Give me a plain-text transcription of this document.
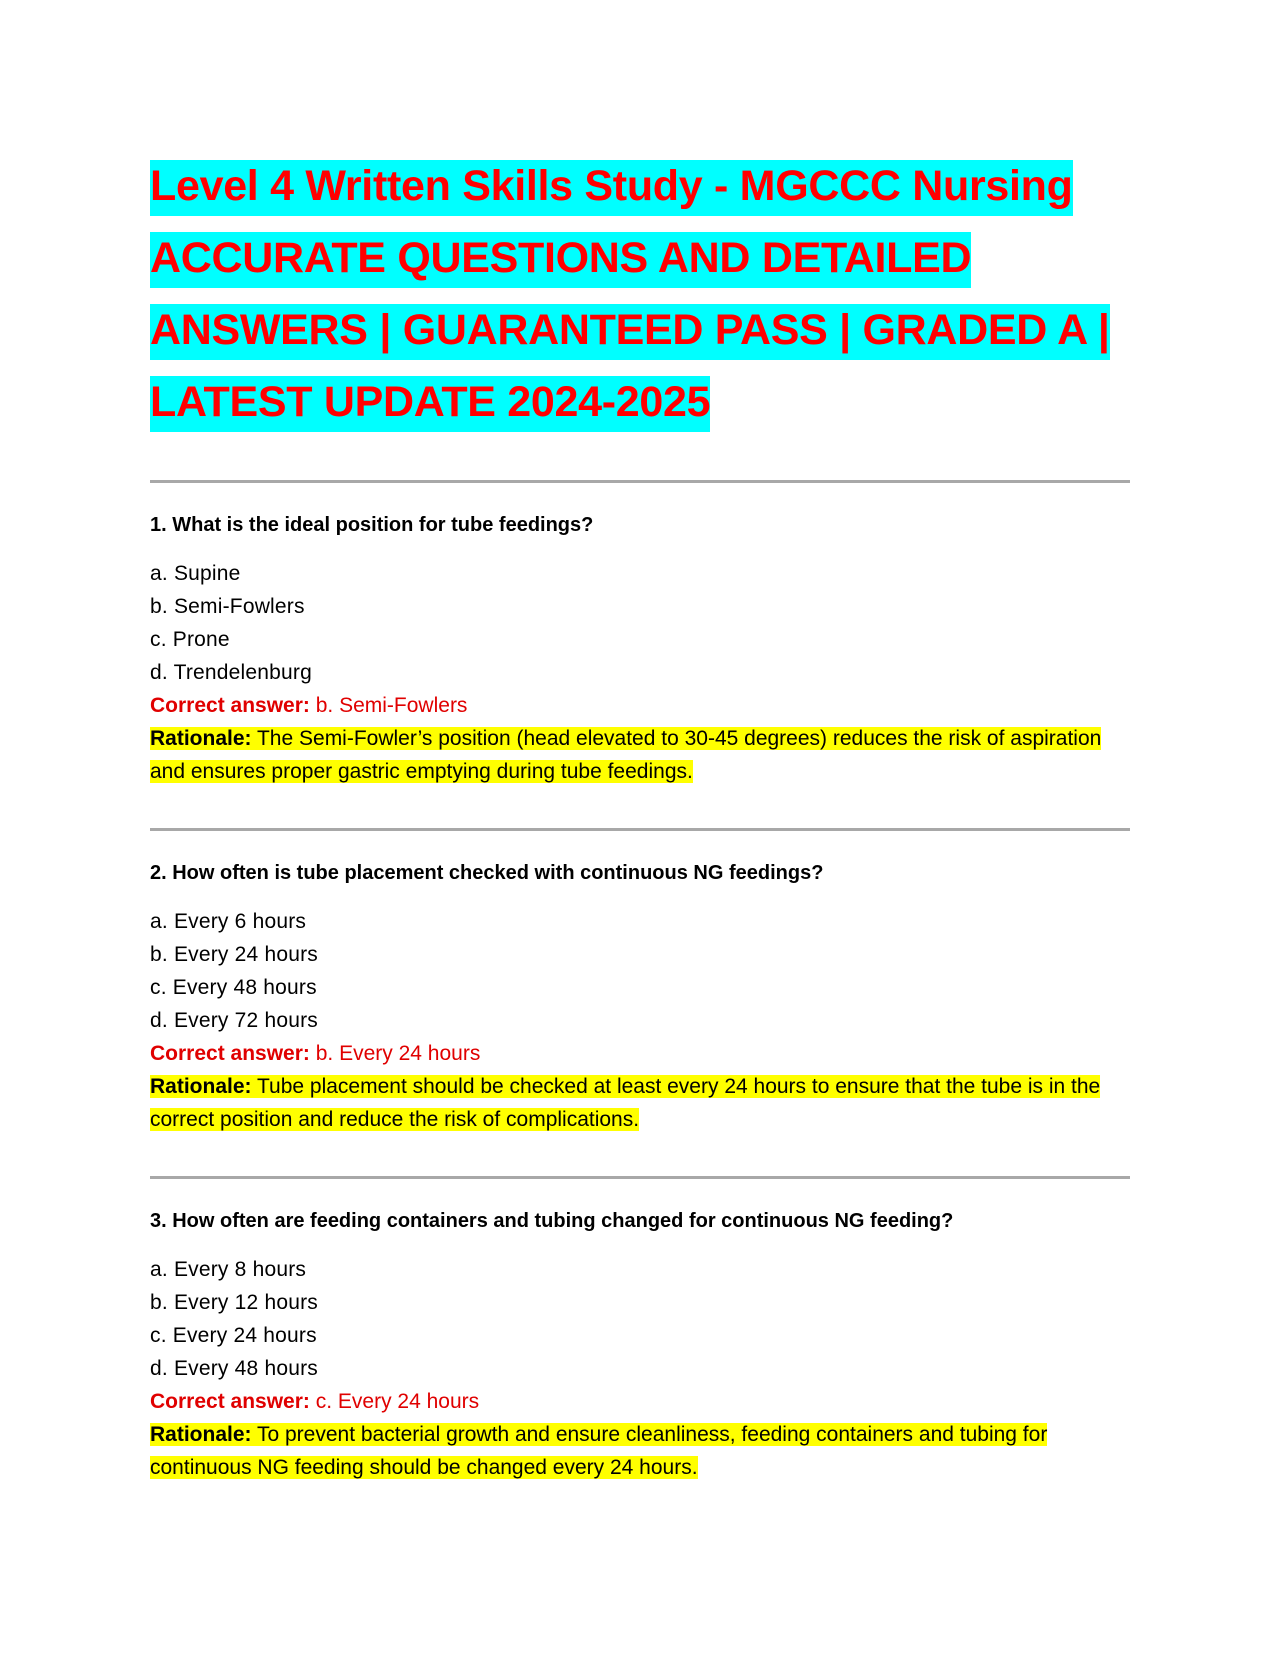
Level 4 Written Skills Study - MGCCC Nursing ACCURATE QUESTIONS AND DETAILED ANSWERS | GUARANTEED PASS | GRADED A | LATEST UPDATE 2024-2025

1. What is the ideal position for tube feedings?

a. Supine
b. Semi-Fowlers
c. Prone
d. Trendelenburg
Correct answer: b. Semi-Fowlers

Rationale: The Semi-Fowler’s position (head elevated to 30-45 degrees) reduces the risk of aspiration and ensures proper gastric emptying during tube feedings.

2. How often is tube placement checked with continuous NG feedings?

a. Every 6 hours
b. Every 24 hours
c. Every 48 hours
d. Every 72 hours
Correct answer: b. Every 24 hours

Rationale: Tube placement should be checked at least every 24 hours to ensure that the tube is in the correct position and reduce the risk of complications.

3. How often are feeding containers and tubing changed for continuous NG feeding?

a. Every 8 hours
b. Every 12 hours
c. Every 24 hours
d. Every 48 hours
Correct answer: c. Every 24 hours

Rationale: To prevent bacterial growth and ensure cleanliness, feeding containers and tubing for continuous NG feeding should be changed every 24 hours.
